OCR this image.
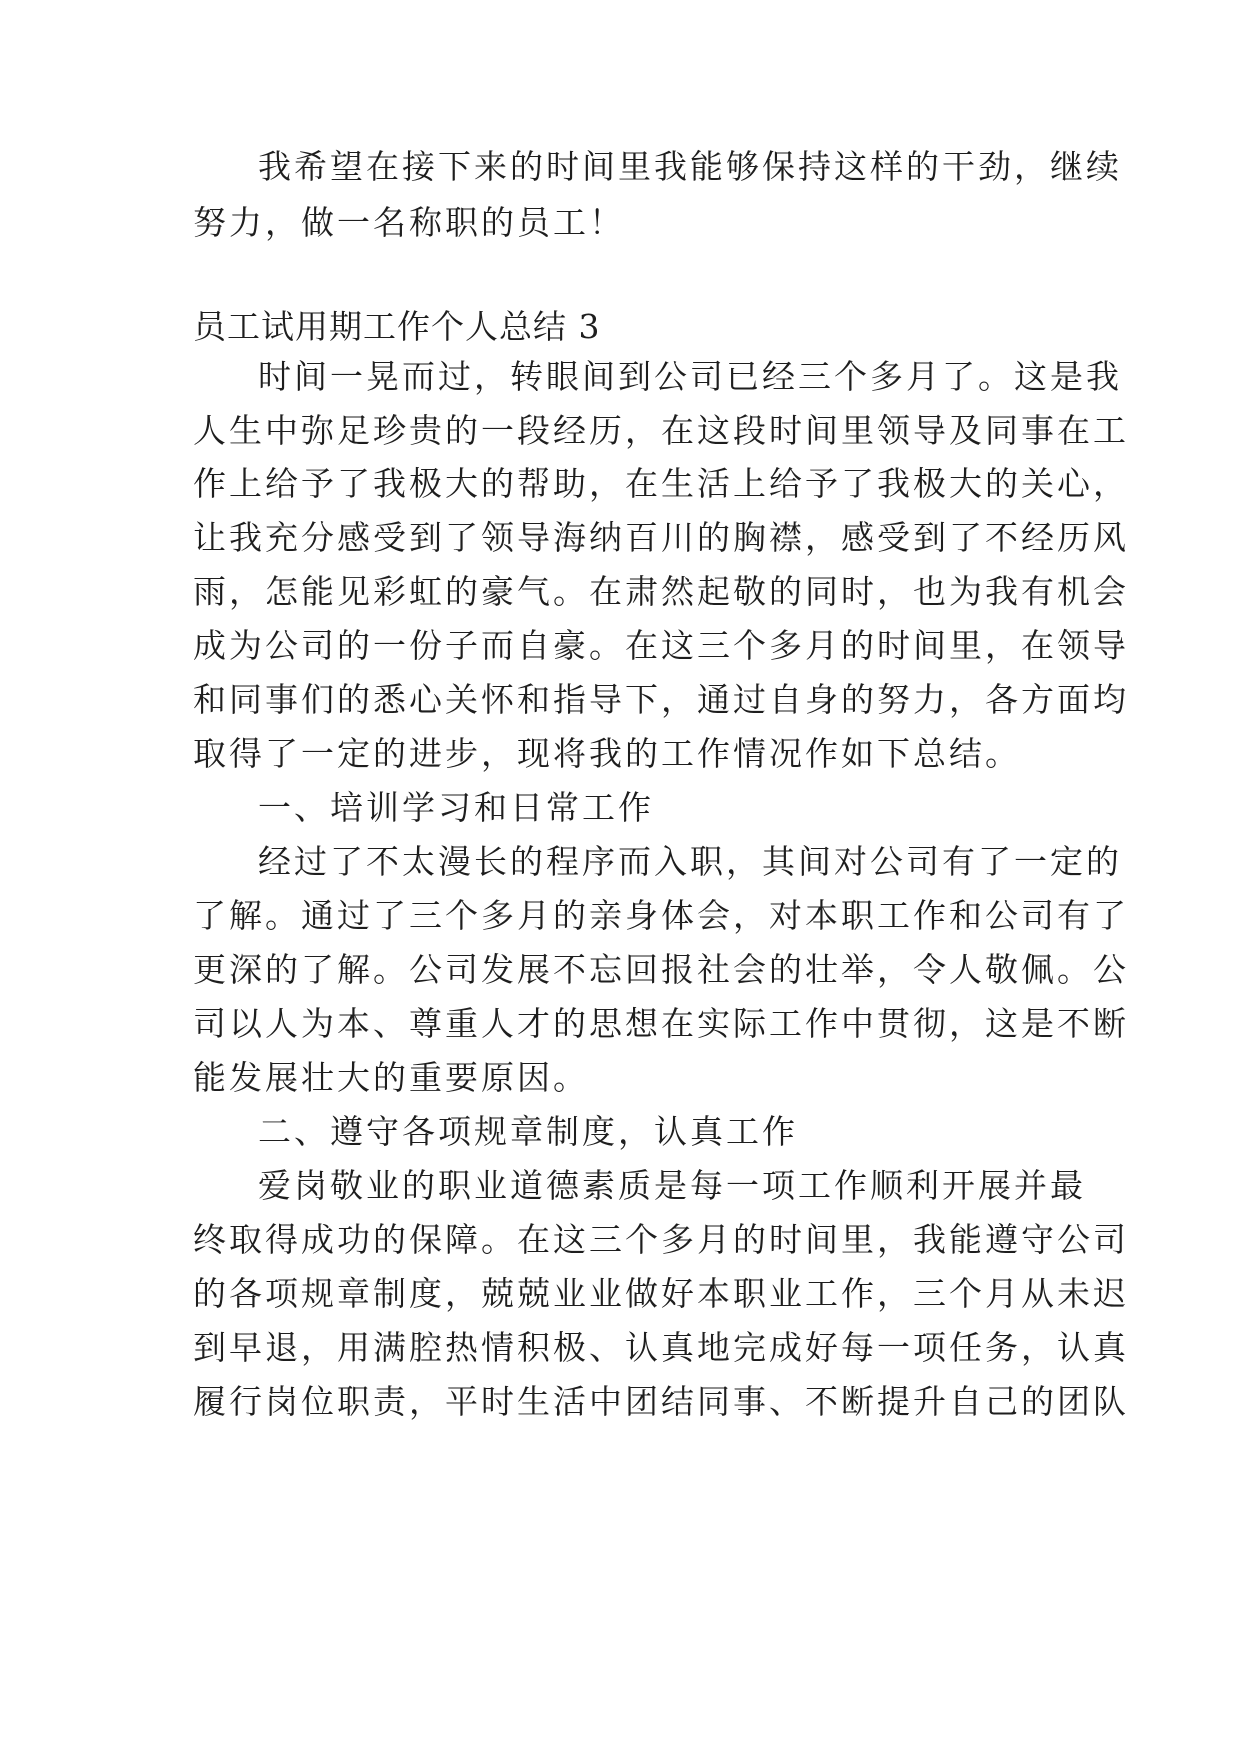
我希望在接下来的时间里我能够保持这样的干劲，继续
努力，做一名称职的员工！
员工试用期工作个人总结 3
时间一晃而过，转眼间到公司已经三个多月了。这是我
人生中弥足珍贵的一段经历，在这段时间里领导及同事在工
作上给予了我极大的帮助，在生活上给予了我极大的关心，
让我充分感受到了领导海纳百川的胸襟，感受到了不经历风
雨，怎能见彩虹的豪气。在肃然起敬的同时，也为我有机会
成为公司的一份子而自豪。在这三个多月的时间里，在领导
和同事们的悉心关怀和指导下，通过自身的努力，各方面均
取得了一定的进步，现将我的工作情况作如下总结。
一、培训学习和日常工作
经过了不太漫长的程序而入职，其间对公司有了一定的
了解。通过了三个多月的亲身体会，对本职工作和公司有了
更深的了解。公司发展不忘回报社会的壮举，令人敬佩。公
司以人为本、尊重人才的思想在实际工作中贯彻，这是不断
能发展壮大的重要原因。
二、遵守各项规章制度，认真工作
爱岗敬业的职业道德素质是每一项工作顺利开展并最
终取得成功的保障。在这三个多月的时间里，我能遵守公司
的各项规章制度，兢兢业业做好本职业工作，三个月从未迟
到早退，用满腔热情积极、认真地完成好每一项任务，认真
履行岗位职责，平时生活中团结同事、不断提升自己的团队
